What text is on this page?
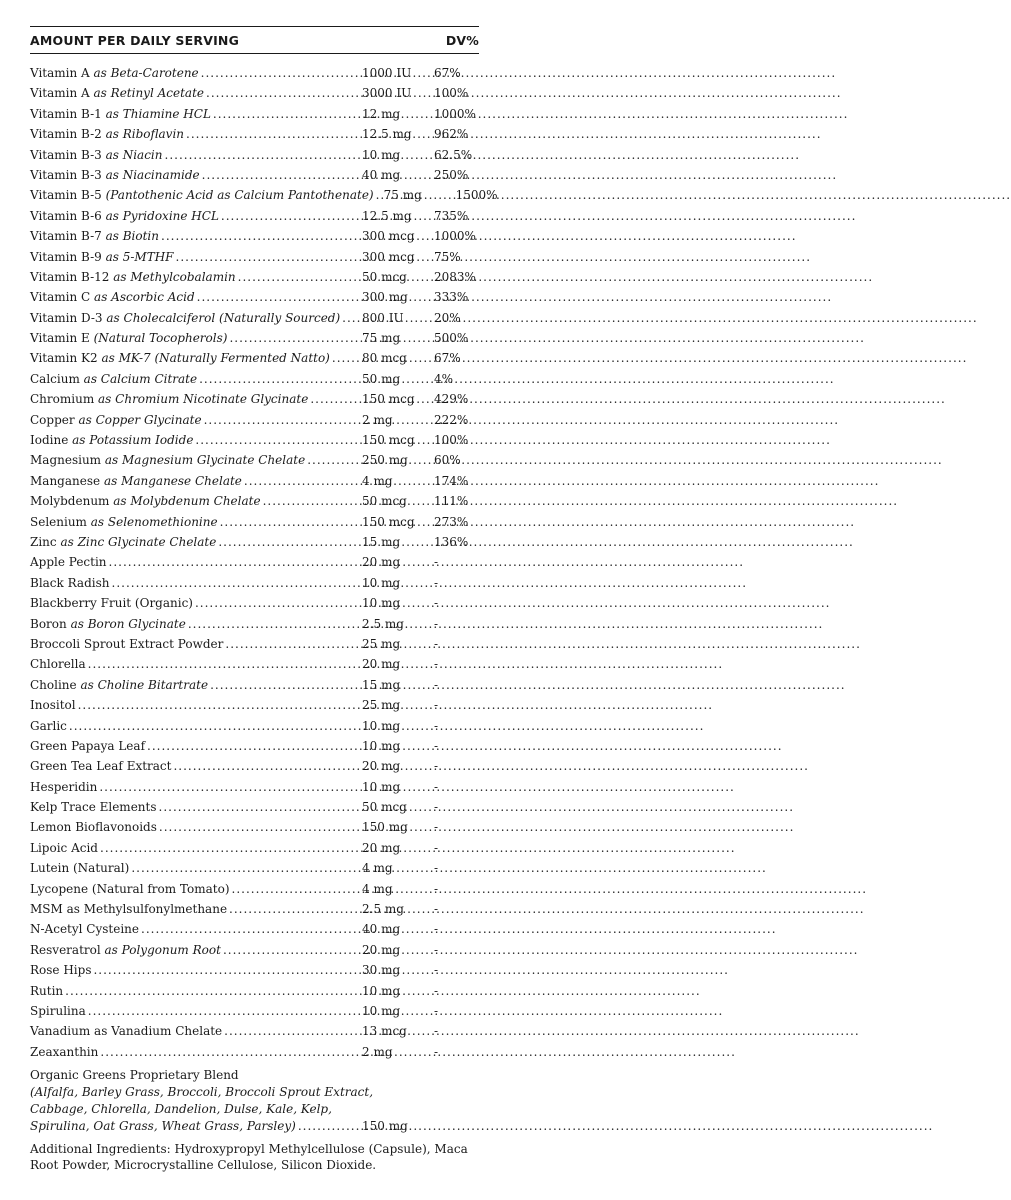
AMOUNT PER DAILY SERVING	DV%
Vitamin A as Beta-Carotene .....	1000 IU	67%
Vitamin A as Retinyl Acetate .....	3000 IU	100%
Vitamin B-1 as Thiamine HCL .....	12 mg	1000%
Vitamin B-2 as Riboflavin .....	12.5 mg	962%
Vitamin B-3 as Niacin .....	10 mg	62.5%
Vitamin B-3 as Niacinamide .....	40 mg	250%
Vitamin B-5 (Pantothenic Acid as Calcium Pantothenate) ..... 75 mg	1500%
Vitamin B-6 as Pyridoxine HCL .....	12.5 mg	735%
Vitamin B-7 as Biotin .....	300 mcg	1000%
Vitamin B-9 as 5-MTHF .....	300 mcg	75%
Vitamin B-12 as Methylcobalamin .....	50 mcg	2083%
Vitamin C as Ascorbic Acid .....	300 mg	333%
Vitamin D-3 as Cholecalciferol (Naturally Sourced) ..... 800 IU	20%
Vitamin E (Natural Tocopherols) .....	75 mg	500%
Vitamin K2 as MK-7 (Naturally Fermented Natto) .....	80 mcg	67%
Calcium as Calcium Citrate .....	50 mg	4%
Chromium as Chromium Nicotinate Glycinate .....	150 mcg	429%
Copper as Copper Glycinate .....	2 mg	222%
Iodine as Potassium Iodide .....	150 mcg	100%
Magnesium as Magnesium Glycinate Chelate .....	250 mg	60%
Manganese as Manganese Chelate .....	4 mg	174%
Molybdenum as Molybdenum Chelate .....	50 mcg	111%
Selenium as Selenomethionine .....	150 mcg	273%
Zinc as Zinc Glycinate Chelate .....	15 mg	136%
Apple Pectin .....	20 mg	-
Black Radish .....	10 mg	-
Blackberry Fruit (Organic) .....	10 mg	-
Boron as Boron Glycinate .....	2.5 mg	-
Broccoli Sprout Extract Powder .....	25 mg	-
Chlorella .....	20 mg	-
Choline as Choline Bitartrate .....	15 mg	-
Inositol .....	25 mg	-
Garlic .....	10 mg	-
Green Papaya Leaf .....	10 mg	-
Green Tea Leaf Extract .....	20 mg	-
Hesperidin .....	10 mg	-
Kelp Trace Elements .....	50 mcg	-
Lemon Bioflavonoids .....	150 mg	-
Lipoic Acid .....	20 mg	-
Lutein (Natural) .....	4 mg	-
Lycopene (Natural from Tomato) .....	4 mg	-
MSM as Methylsulfonylmethane .....	2.5 mg	-
N-Acetyl Cysteine .....	40 mg	-
Resveratrol as Polygonum Root .....	20 mg	-
Rose Hips .....	30 mg	-
Rutin .....	10 mg	-
Spirulina .....	10 mg	-
Vanadium as Vanadium Chelate .....	13 mcg	-
Zeaxanthin .....	2 mg	-
Organic Greens Proprietary Blend
(Alfalfa, Barley Grass, Broccoli, Broccoli Sprout Extract,
Cabbage, Chlorella, Dandelion, Dulse, Kale, Kelp,
Spirulina, Oat Grass, Wheat Grass, Parsley) .....	150 mg
Additional Ingredients: Hydroxypropyl Methylcellulose (Capsule), Maca Root Powder, Microcrystalline Cellulose, Silicon Dioxide.
